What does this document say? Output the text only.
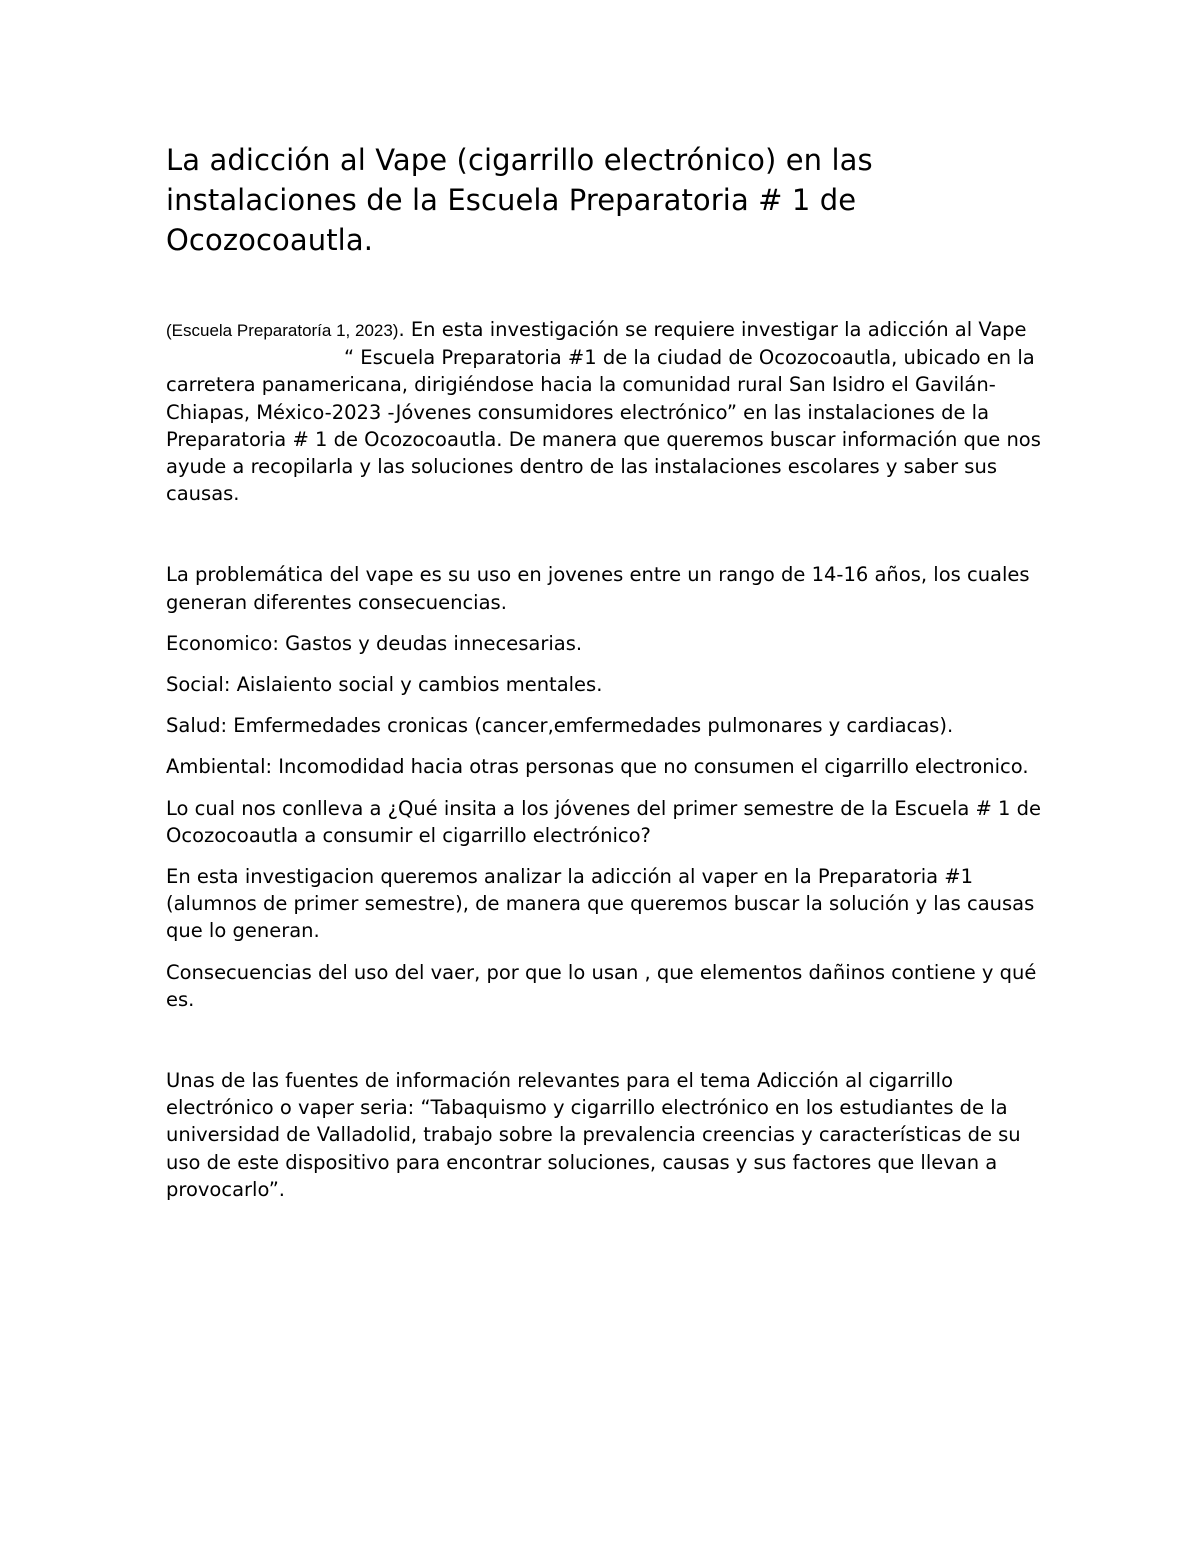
La adicción al Vape (cigarrillo electrónico) en las instalaciones de la Escuela Preparatoria # 1 de Ocozocoautla.

(Escuela Preparatoría 1, 2023). En esta investigación se requiere investigar la adicción al Vape“ Escuela Preparatoria #1 de la ciudad de Ocozocoautla, ubicado en la carretera panamericana, dirigiéndose hacia la comunidad rural San Isidro el Gavilán-Chiapas, México-2023 -Jóvenes consumidores electrónico” en las instalaciones de la Preparatoria # 1 de Ocozocoautla. De manera que queremos buscar información que nos ayude a recopilarla y las soluciones dentro de las instalaciones escolares y saber sus causas.

La problemática del vape es su uso en jovenes entre un rango de 14-16 años, los cuales generan diferentes consecuencias.

Economico: Gastos y deudas innecesarias.

Social: Aislaiento social y cambios mentales.

Salud: Emfermedades cronicas (cancer,emfermedades pulmonares y cardiacas).

Ambiental: Incomodidad hacia otras personas que no consumen el cigarrillo electronico.

Lo cual nos conlleva a ¿Qué insita a los jóvenes del primer semestre de la Escuela # 1 de Ocozocoautla a consumir el cigarrillo electrónico?

En esta investigacion queremos analizar la adicción al vaper en la Preparatoria #1 (alumnos de primer semestre), de manera que queremos buscar la solución y las causas que lo generan.

Consecuencias del uso del vaer, por que lo usan , que elementos dañinos contiene y qué es.

Unas de las fuentes de información relevantes para el tema Adicción al cigarrillo electrónico o vaper seria: “Tabaquismo y cigarrillo electrónico en los estudiantes de la universidad de Valladolid, trabajo sobre la prevalencia creencias y características de su uso de este dispositivo para encontrar soluciones, causas y sus factores que llevan a provocarlo”.
